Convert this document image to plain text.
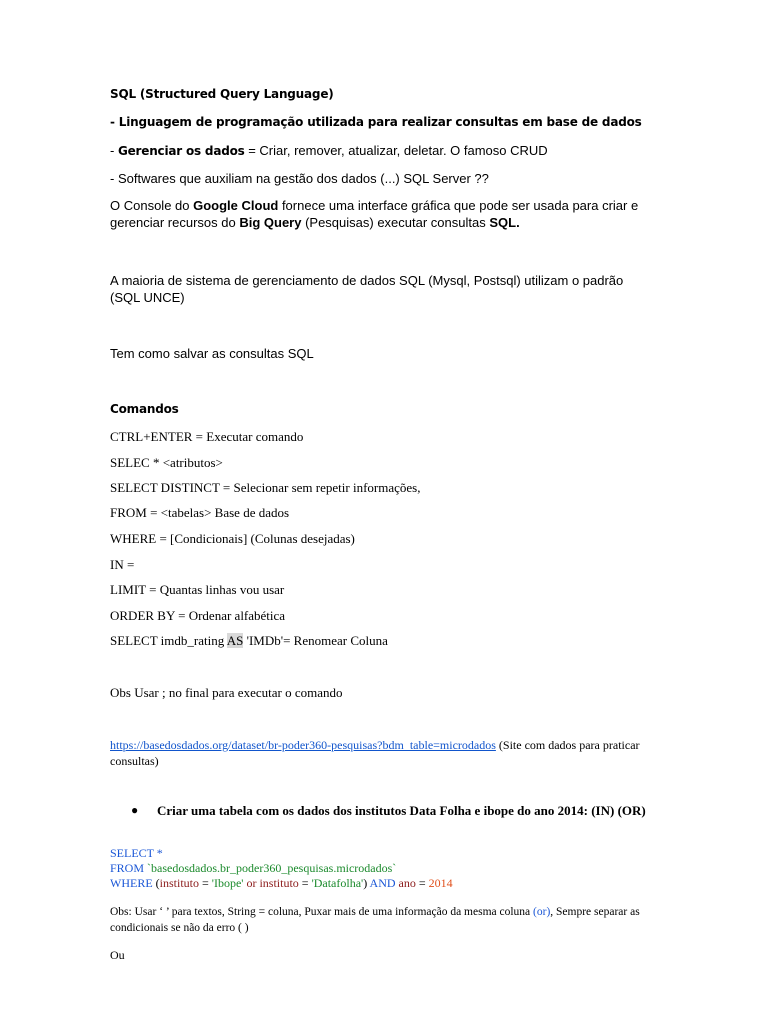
SQL (Structured Query Language)

- Linguagem de programação utilizada para realizar consultas em base de dados

- Gerenciar os dados = Criar, remover, atualizar, deletar. O famoso CRUD

- Softwares que auxiliam na gestão dos dados (...) SQL Server ??

O Console do Google Cloud fornece uma interface gráfica que pode ser usada para criar e gerenciar recursos do Big Query (Pesquisas) executar consultas SQL.

A maioria de sistema de gerenciamento de dados SQL (Mysql, Postsql) utilizam o padrão (SQL UNCE)

Tem como salvar as consultas SQL

Comandos

CTRL+ENTER = Executar comando

SELEC * <atributos>

SELECT DISTINCT = Selecionar sem repetir informações,

FROM = <tabelas> Base de dados

WHERE = [Condicionais] (Colunas desejadas)

IN =

LIMIT = Quantas linhas vou usar

ORDER BY = Ordenar alfabética

SELECT imdb_rating AS 'IMDb'= Renomear Coluna

Obs Usar ; no final para executar o comando

https://basedosdados.org/dataset/br-poder360-pesquisas?bdm_table=microdados (Site com dados para praticar consultas)

● Criar uma tabela com os dados dos institutos Data Folha e ibope do ano 2014: (IN) (OR)

SELECT *

FROM `basedosdados.br_poder360_pesquisas.microdados`

WHERE (instituto = 'Ibope' or instituto = 'Datafolha') AND ano = 2014

Obs: Usar ‘ ’ para textos, String = coluna, Puxar mais de uma informação da mesma coluna (or), Sempre separar as condicionais se não da erro ( )

Ou
